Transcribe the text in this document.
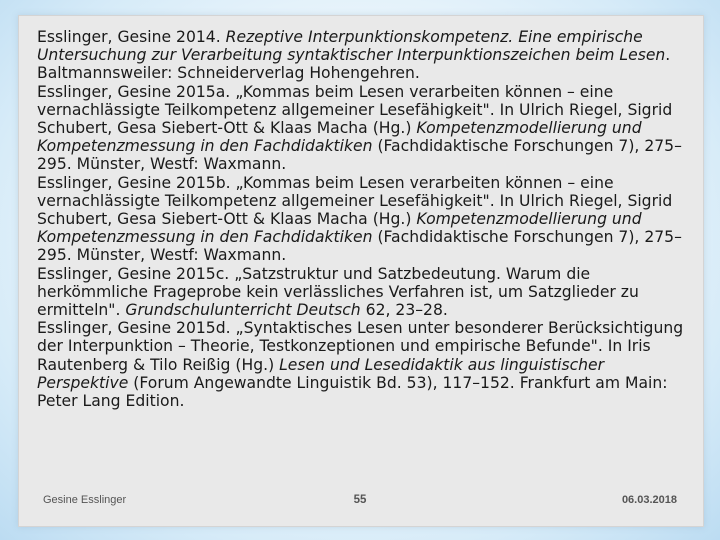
Esslinger, Gesine 2014. Rezeptive Interpunktionskompetenz. Eine empirische Untersuchung zur Verarbeitung syntaktischer Interpunktionszeichen beim Lesen. Baltmannsweiler: Schneiderverlag Hohengehren.

Esslinger, Gesine 2015a. „Kommas beim Lesen verarbeiten können – eine vernachlässigte Teilkompetenz allgemeiner Lesefähigkeit". In Ulrich Riegel, Sigrid Schubert, Gesa Siebert-Ott & Klaas Macha (Hg.) Kompetenzmodellierung und Kompetenzmessung in den Fachdidaktiken (Fachdidaktische Forschungen 7), 275–295. Münster, Westf: Waxmann.

Esslinger, Gesine 2015b. „Kommas beim Lesen verarbeiten können – eine vernachlässigte Teilkompetenz allgemeiner Lesefähigkeit". In Ulrich Riegel, Sigrid Schubert, Gesa Siebert-Ott & Klaas Macha (Hg.) Kompetenzmodellierung und Kompetenzmessung in den Fachdidaktiken (Fachdidaktische Forschungen 7), 275–295. Münster, Westf: Waxmann.

Esslinger, Gesine 2015c. „Satzstruktur und Satzbedeutung. Warum die herkömmliche Frageprobe kein verlässliches Verfahren ist, um Satzglieder zu ermitteln". Grundschulunterricht Deutsch 62, 23–28.

Esslinger, Gesine 2015d. „Syntaktisches Lesen unter besonderer Berücksichtigung der Interpunktion – Theorie, Testkonzeptionen und empirische Befunde". In Iris Rautenberg & Tilo Reißig (Hg.) Lesen und Lesedidaktik aus linguistischer Perspektive (Forum Angewandte Linguistik Bd. 53), 117–152. Frankfurt am Main: Peter Lang Edition.

Gesine Esslinger	55	06.03.2018
